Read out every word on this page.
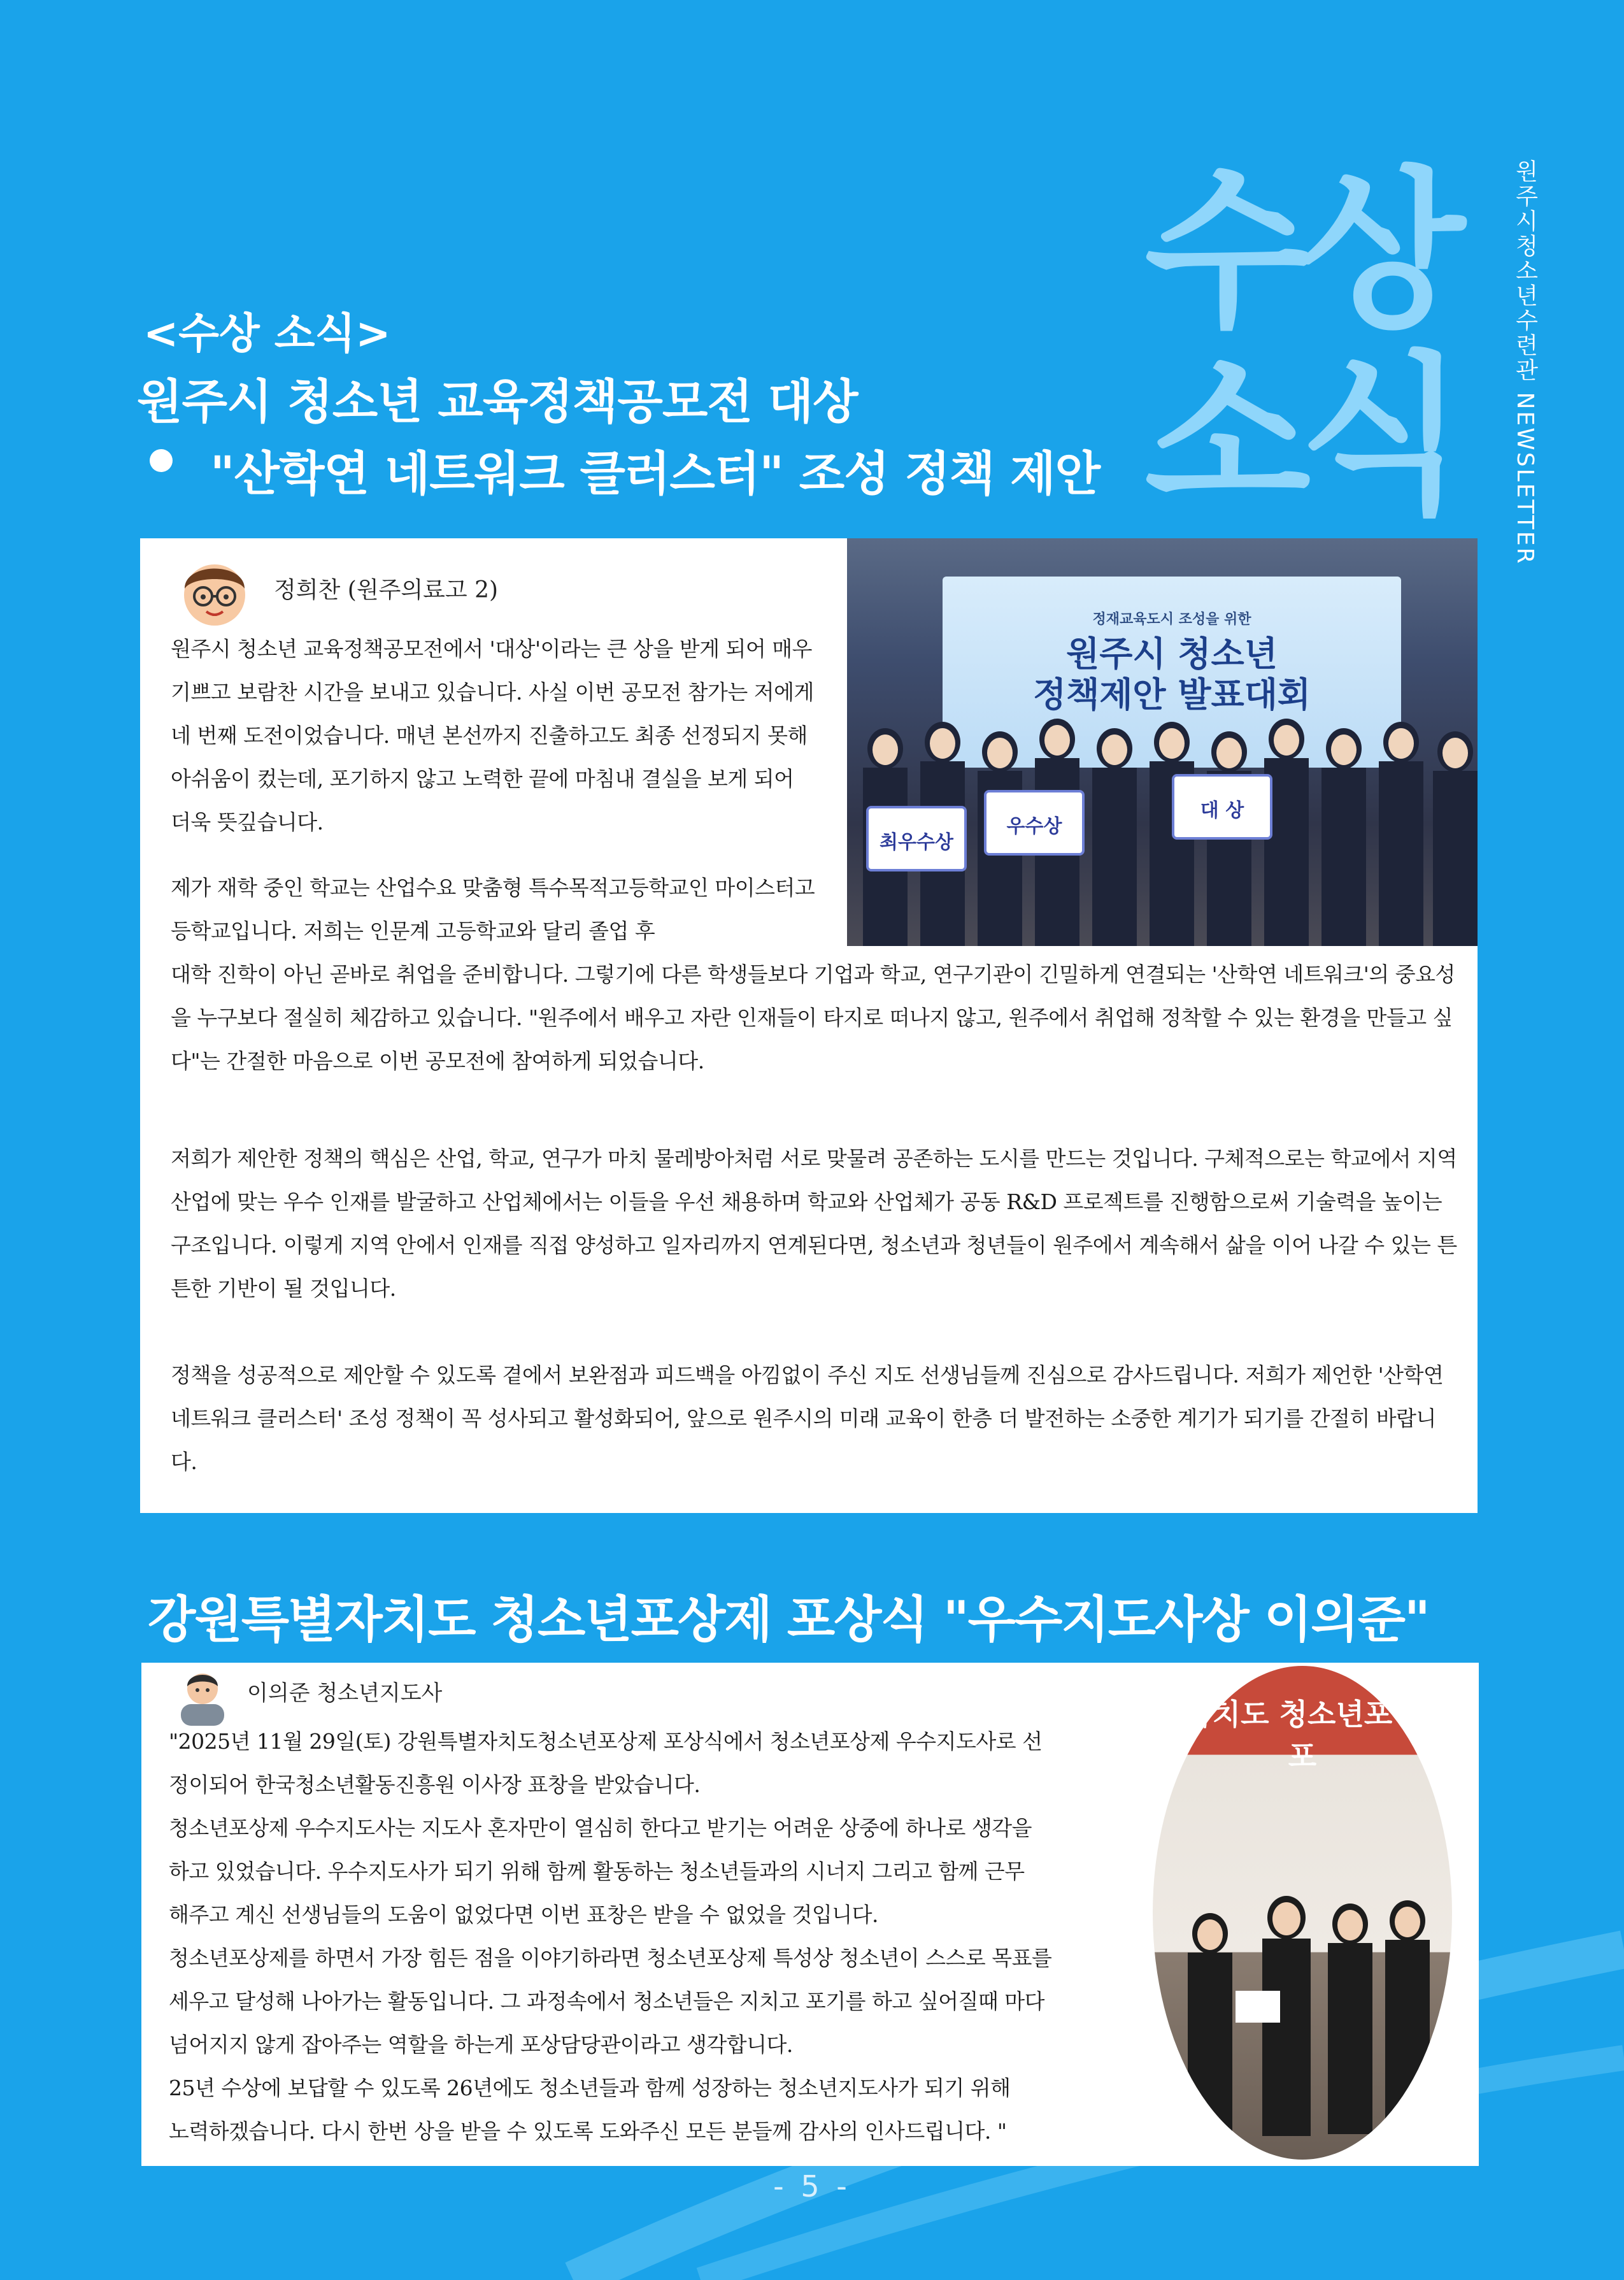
수상
소식	원주시청소년수련관 NEWSLETTER
<수상 소식>
원주시 청소년 교육정책공모전 대상
"산학연 네트워크 클러스터" 조성 정책 제안
정희찬 (원주의료고 2)
정재교육도시 조성을 위한
원주시 청소년
정책제안 발표대회
최우수상
우수상
대 상

원주시 청소년 교육정책공모전에서 '대상'이라는 큰 상을 받게 되어 매우 기쁘고 보람찬 시간을 보내고 있습니다. 사실 이번 공모전 참가는 저에게 네 번째 도전이었습니다. 매년 본선까지 진출하고도 최종 선정되지 못해 아쉬움이 컸는데, 포기하지 않고 노력한 끝에 마침내 결실을 보게 되어 더욱 뜻깊습니다.

제가 재학 중인 학교는 산업수요 맞춤형 특수목적고등학교인 마이스터고등학교입니다. 저희는 인문계 고등학교와 달리 졸업 후

대학 진학이 아닌 곧바로 취업을 준비합니다. 그렇기에 다른 학생들보다 기업과 학교, 연구기관이 긴밀하게 연결되는 '산학연 네트워크'의 중요성을 누구보다 절실히 체감하고 있습니다. "원주에서 배우고 자란 인재들이 타지로 떠나지 않고, 원주에서 취업해 정착할 수 있는 환경을 만들고 싶다"는 간절한 마음으로 이번 공모전에 참여하게 되었습니다.

저희가 제안한 정책의 핵심은 산업, 학교, 연구가 마치 물레방아처럼 서로 맞물려 공존하는 도시를 만드는 것입니다. 구체적으로는 학교에서 지역 산업에 맞는 우수 인재를 발굴하고 산업체에서는 이들을 우선 채용하며 학교와 산업체가 공동 R&D 프로젝트를 진행함으로써 기술력을 높이는 구조입니다. 이렇게 지역 안에서 인재를 직접 양성하고 일자리까지 연계된다면, 청소년과 청년들이 원주에서 계속해서 삶을 이어 나갈 수 있는 튼튼한 기반이 될 것입니다.

정책을 성공적으로 제안할 수 있도록 곁에서 보완점과 피드백을 아낌없이 주신 지도 선생님들께 진심으로 감사드립니다. 저희가 제언한 '산학연 네트워크 클러스터' 조성 정책이 꼭 성사되고 활성화되어, 앞으로 원주시의 미래 교육이 한층 더 발전하는 소중한 계기가 되기를 간절히 바랍니다.

강원특별자치도 청소년포상제 포상식 "우수지도사상 이의준"
이의준 청소년지도사

"2025년 11월 29일(토) 강원특별자치도청소년포상제 포상식에서 청소년포상제 우수지도사로 선
정이되어 한국청소년활동진흥원 이사장 표창을 받았습니다.
청소년포상제 우수지도사는 지도사 혼자만이 열심히 한다고 받기는 어려운 상중에 하나로 생각을
하고 있었습니다. 우수지도사가 되기 위해 함께 활동하는 청소년들과의 시너지 그리고 함께 근무
해주고 계신 선생님들의 도움이 없었다면 이번 표창은 받을 수 없었을 것입니다.
청소년포상제를 하면서 가장 힘든 점을 이야기하라면 청소년포상제 특성상 청소년이 스스로 목표를
세우고 달성해 나아가는 활동입니다. 그 과정속에서 청소년들은 지치고 포기를 하고 싶어질때 마다
넘어지지 않게 잡아주는 역할을 하는게 포상담당관이라고 생각합니다.
25년 수상에 보답할 수 있도록 26년에도 청소년들과 함께 성장하는 청소년지도사가 되기 위해
노력하겠습니다. 다시 한번 상을 받을 수 있도록 도와주신 모든 분들께 감사의 인사드립니다. "

별자치도 청소년포상제 포
- 5 -
